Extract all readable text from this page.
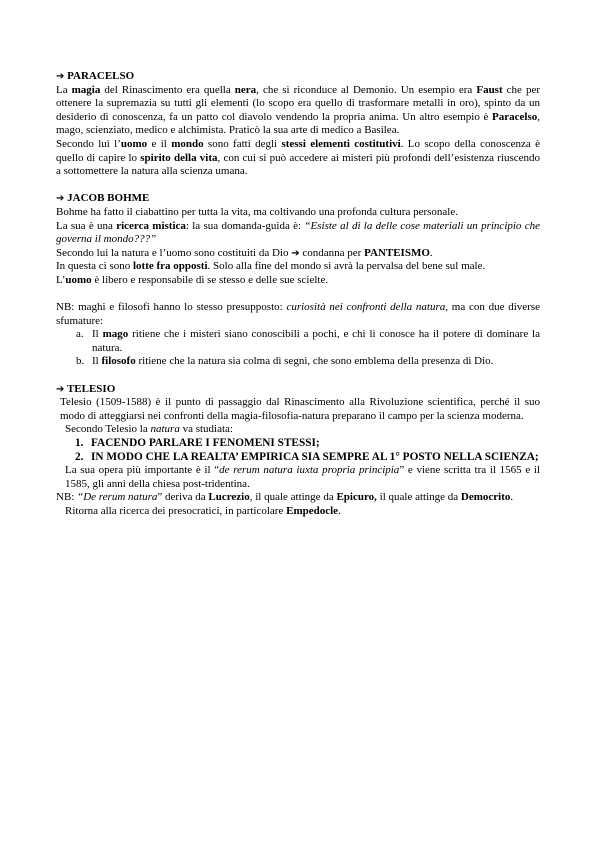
➔ PARACELSO

La magia del Rinascimento era quella nera, che si riconduce al Demonio. Un esempio era Faust che per ottenere la supremazia su tutti gli elementi (lo scopo era quello di trasformare metalli in oro), spinto da un desiderio di conoscenza, fa un patto col diavolo vendendo la propria anima. Un altro esempio è Paracelso, mago, scienziato, medico e alchimista. Praticò la sua arte di medico a Basilea.

Secondo lui l’uomo e il mondo sono fatti degli stessi elementi costitutivi. Lo scopo della conoscenza è quello di capire lo spirito della vita, con cui si può accedere ai misteri più profondi dell’esistenza riuscendo a sottomettere la natura alla scienza umana.

➔ JACOB BOHME

Bohme ha fatto il ciabattino per tutta la vita, ma coltivando una profonda cultura personale.

La sua è una ricerca mistica: la sua domanda-guida è: “Esiste al di la delle cose materiali un principio che governa il mondo???”

Secondo lui la natura e l’uomo sono costituiti da Dio ➔ condanna per PANTEISMO.

In questa ci sono lotte fra opposti. Solo alla fine del mondo si avrà la pervalsa del bene sul male.

L’uomo è libero e responsabile di se stesso e delle sue scielte.

NB: maghi e filosofi hanno lo stesso presupposto: curiosità nei confronti della natura, ma con due diverse sfumature:

a. Il mago ritiene che i misteri siano conoscibili a pochi, e chi li conosce ha il potere di dominare la natura.
b. Il filosofo ritiene che la natura sia colma di segni, che sono emblema della presenza di Dio.

➔ TELESIO

Telesio (1509-1588) è il punto di passaggio dal Rinascimento alla Rivoluzione scientifica, perché il suo modo di atteggiarsi nei confronti della magia-filosofia-natura preparano il campo per la scienza moderna.

Secondo Telesio la natura va studiata:

1. FACENDO PARLARE I FENOMENI STESSI;
2. IN MODO CHE LA REALTA’ EMPIRICA SIA SEMPRE AL 1° POSTO NELLA SCIENZA;

La sua opera più importante è il “de rerum natura iuxta propria principia” e viene scritta tra il 1565 e il 1585, gli anni della chiesa post-tridentina.

NB: “De rerum natura” deriva da Lucrezio, il quale attinge da Epicuro, il quale attinge da Democrito.

Ritorna alla ricerca dei presocratici, in particolare Empedocle.
